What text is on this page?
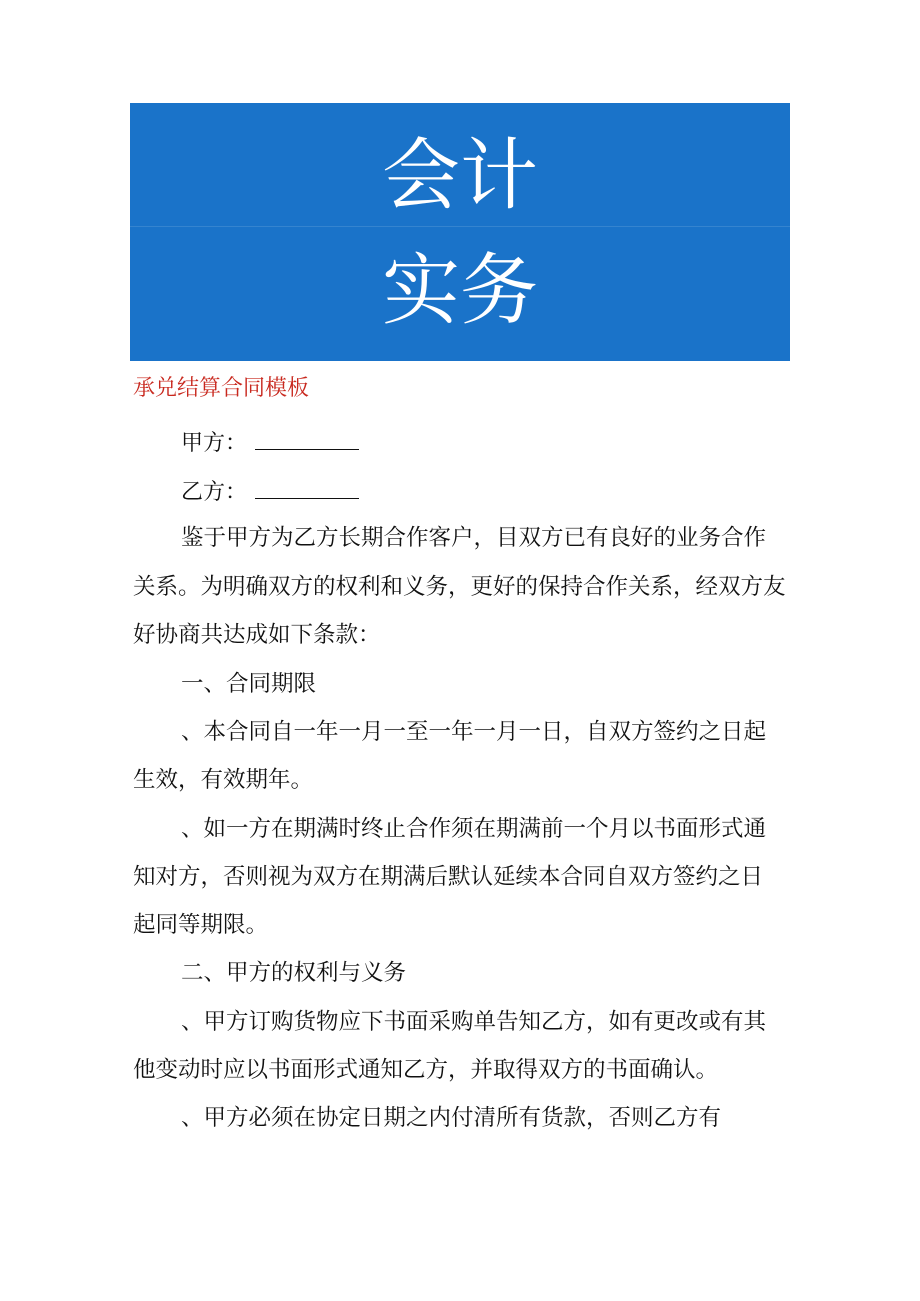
会计
实务
承兑结算合同模板
甲方：
乙方：
鉴于甲方为乙方长期合作客户，目双方已有良好的业务合作
关系。为明确双方的权利和义务，更好的保持合作关系，经双方友
好协商共达成如下条款：
一、合同期限
、本合同自一年一月一至一年一月一日，自双方签约之日起
生效，有效期年。
、如一方在期满时终止合作须在期满前一个月以书面形式通
知对方，否则视为双方在期满后默认延续本合同自双方签约之日
起同等期限。
二、甲方的权利与义务
、甲方订购货物应下书面采购单告知乙方，如有更改或有其
他变动时应以书面形式通知乙方，并取得双方的书面确认。
、甲方必须在协定日期之内付清所有货款，否则乙方有
